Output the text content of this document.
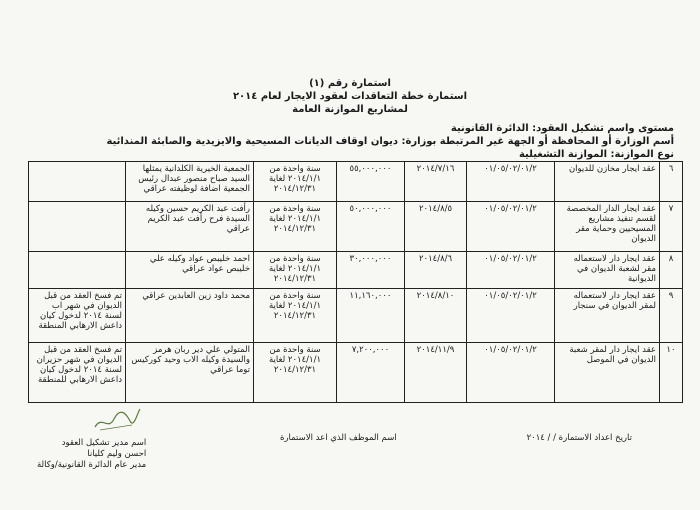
استمارة رقم (١)
استمارة خطة التعاقدات لعقود الايجار لعام ٢٠١٤
لمشاريع الموازنة العامة
مستوى واسم تشكيل العقود: الدائرة القانونية
أسم الوزارة أو المحافظة أو الجهة غير المرتبطة بوزارة: ديوان اوقاف الديانات المسيحية والايزيدية والصابئة المندائية
نوع الموازنة: الموازنة التشغيلية
٦	عقد ايجار مخازن للديوان	٠١/٠٥/٠٢/٠١/٢	٢٠١٤/٧/١٦	٥٥,٠٠٠,٠٠٠	سنة واحدة من ٢٠١٤/١/١ لغاية ٢٠١٤/١٢/٣١	الجمعية الخيرية الكلدانية يمثلها السيد صباح منصور عبدال رئيس الجمعية اضافة لوظيفته عراقي	
٧	عقد ايجار الدار المخصصة لقسم تنفيذ مشاريع المسيحيين وحماية مقر الديوان	٠١/٠٥/٠٢/٠١/٢	٢٠١٤/٨/٥	٥٠,٠٠٠,٠٠٠	سنة واحدة من ٢٠١٤/١/١ لغاية ٢٠١٤/١٢/٣١	رأفت عبد الكريم حسين وكيله السيدة فرح رأفت عبد الكريم عراقي	
٨	عقد ايجار دار لاستعماله مقر لشعبة الديوان في الديوانية	٠١/٠٥/٠٢/٠١/٢	٢٠١٤/٨/٦	٣٠,٠٠٠,٠٠٠	سنة واحدة من ٢٠١٤/١/١ لغاية ٢٠١٤/١٢/٣١	احمد خليبص عواد وكيله علي خليبص عواد عراقي	
٩	عقد ايجار دار لاستعماله لمقر الديوان في سنجار	٠١/٠٥/٠٢/٠١/٢	٢٠١٤/٨/١٠	١١,١٦٠,٠٠٠	سنة واحدة من ٢٠١٤/١/١ لغاية ٢٠١٤/١٢/٣١	محمد داود زين العابدين عراقي	تم فسخ العقد من قبل الديوان في شهر اب لسنة ٢٠١٤ لدخول كيان داعش الارهابي المنطقة
١٠	عقد ايجار دار لمقر شعبة الديوان في الموصل	٠١/٠٥/٠٢/٠١/٢	٢٠١٤/١١/٩	٧,٢٠٠,٠٠٠	سنة واحدة من ٢٠١٤/١/١ لغاية ٢٠١٤/١٢/٣١	المتولي علي دير ربان هرمز والسيدة وكيله الاب وحيد كوركيس توما عراقي	تم فسخ العقد من قبل الديوان في شهر حزيران لسنة ٢٠١٤ لدخول كيان داعش الارهابي للمنطقة
تاريخ اعداد الاستمارة / / ٢٠١٤
اسم الموظف الذي اعد الاستمارة
اسم مدير تشكيل العقود
احسن وليم كليانا
مدير عام الدائرة القانونية/وكالة
